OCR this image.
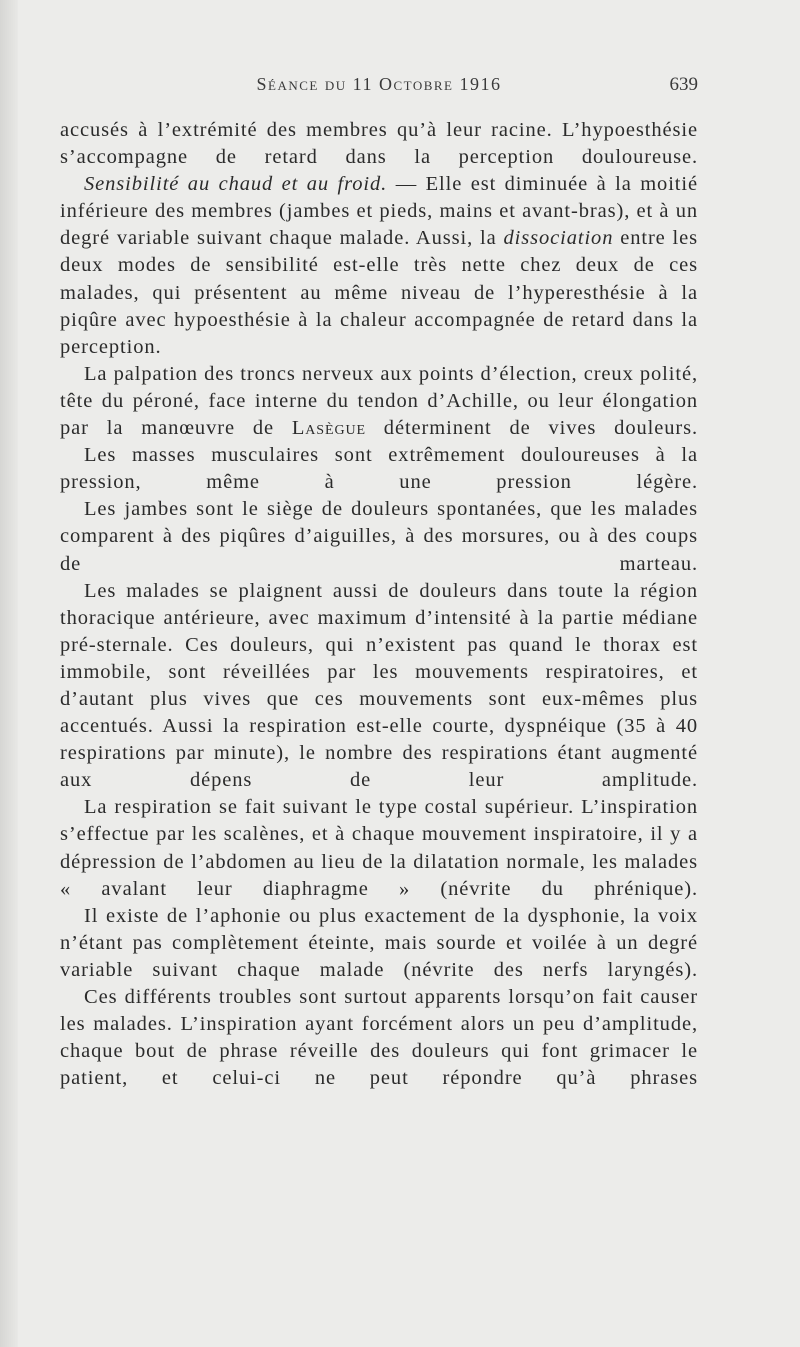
Séance du 11 Octobre 1916	639

accusés à l’extrémité des membres qu’à leur racine. L’hypoesthésie s’accompagne de retard dans la perception douloureuse.

Sensibilité au chaud et au froid. — Elle est diminuée à la moitié inférieure des membres (jambes et pieds, mains et avant-bras), et à un degré variable suivant chaque malade. Aussi, la dissociation entre les deux modes de sensibilité est-elle très nette chez deux de ces malades, qui présentent au même niveau de l’hyperesthésie à la piqûre avec hypoesthésie à la chaleur accompagnée de retard dans la perception.

La palpation des troncs nerveux aux points d’élection, creux polité, tête du péroné, face interne du tendon d’Achille, ou leur élongation par la manœuvre de Lasègue déterminent de vives douleurs.

Les masses musculaires sont extrêmement douloureuses à la pression, même à une pression légère.

Les jambes sont le siège de douleurs spontanées, que les malades comparent à des piqûres d’aiguilles, à des morsures, ou à des coups de marteau.

Les malades se plaignent aussi de douleurs dans toute la région thoracique antérieure, avec maximum d’intensité à la partie médiane pré-sternale. Ces douleurs, qui n’existent pas quand le thorax est immobile, sont réveillées par les mouvements respiratoires, et d’autant plus vives que ces mouvements sont eux-mêmes plus accentués. Aussi la respiration est-elle courte, dyspnéique (35 à 40 respirations par minute), le nombre des respirations étant augmenté aux dépens de leur amplitude.

La respiration se fait suivant le type costal supérieur. L’inspiration s’effectue par les scalènes, et à chaque mouvement inspiratoire, il y a dépression de l’abdomen au lieu de la dilatation normale, les malades « avalant leur diaphragme » (névrite du phrénique).

Il existe de l’aphonie ou plus exactement de la dysphonie, la voix n’étant pas complètement éteinte, mais sourde et voilée à un degré variable suivant chaque malade (névrite des nerfs laryngés).

Ces différents troubles sont surtout apparents lorsqu’on fait causer les malades. L’inspiration ayant forcément alors un peu d’amplitude, chaque bout de phrase réveille des douleurs qui font grimacer le patient, et celui-ci ne peut répondre qu’à phrases
